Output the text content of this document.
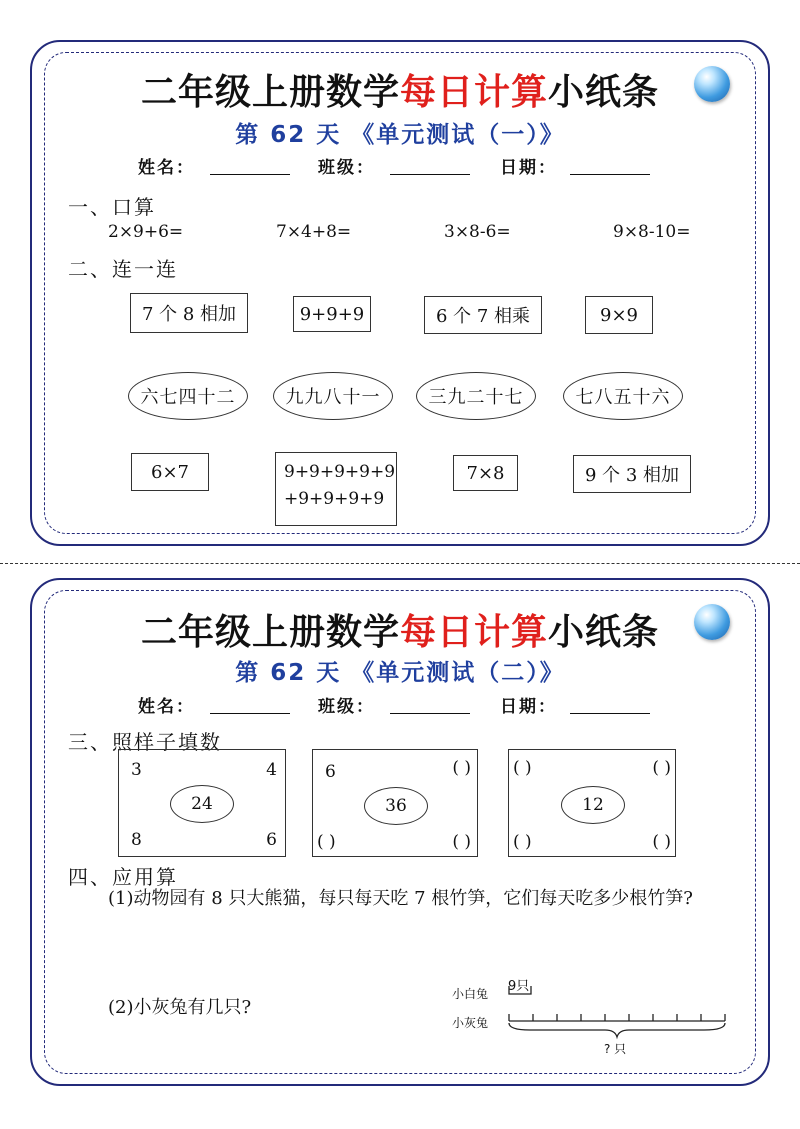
二年级上册数学每日计算小纸条
第 62 天 《单元测试（一）》
姓名：	班级：	日期：
一、口算
2×9+6=	7×4+8=	3×8-6=	9×8-10=
二、连一连
7 个 8 相加	9+9+9	6 个 7 相乘	9×9
六七四十二	九九八十一	三九二十七	七八五十六
6×7	9+9+9+9+9
+9+9+9+9
7×8	9 个 3 相加
二年级上册数学每日计算小纸条
第 62 天 《单元测试（二）》
姓名：	班级：	日期：
三、照样子填数
3	4
8	6
24
6	( )
( )	( )
36
( )	( )
( )	( )
12
四、应用算
(1)动物园有 8 只大熊猫，每只每天吃 7 根竹笋，它们每天吃多少根竹笋?
(2)小灰兔有几只?
小白兔 9只
小灰兔
? 只
